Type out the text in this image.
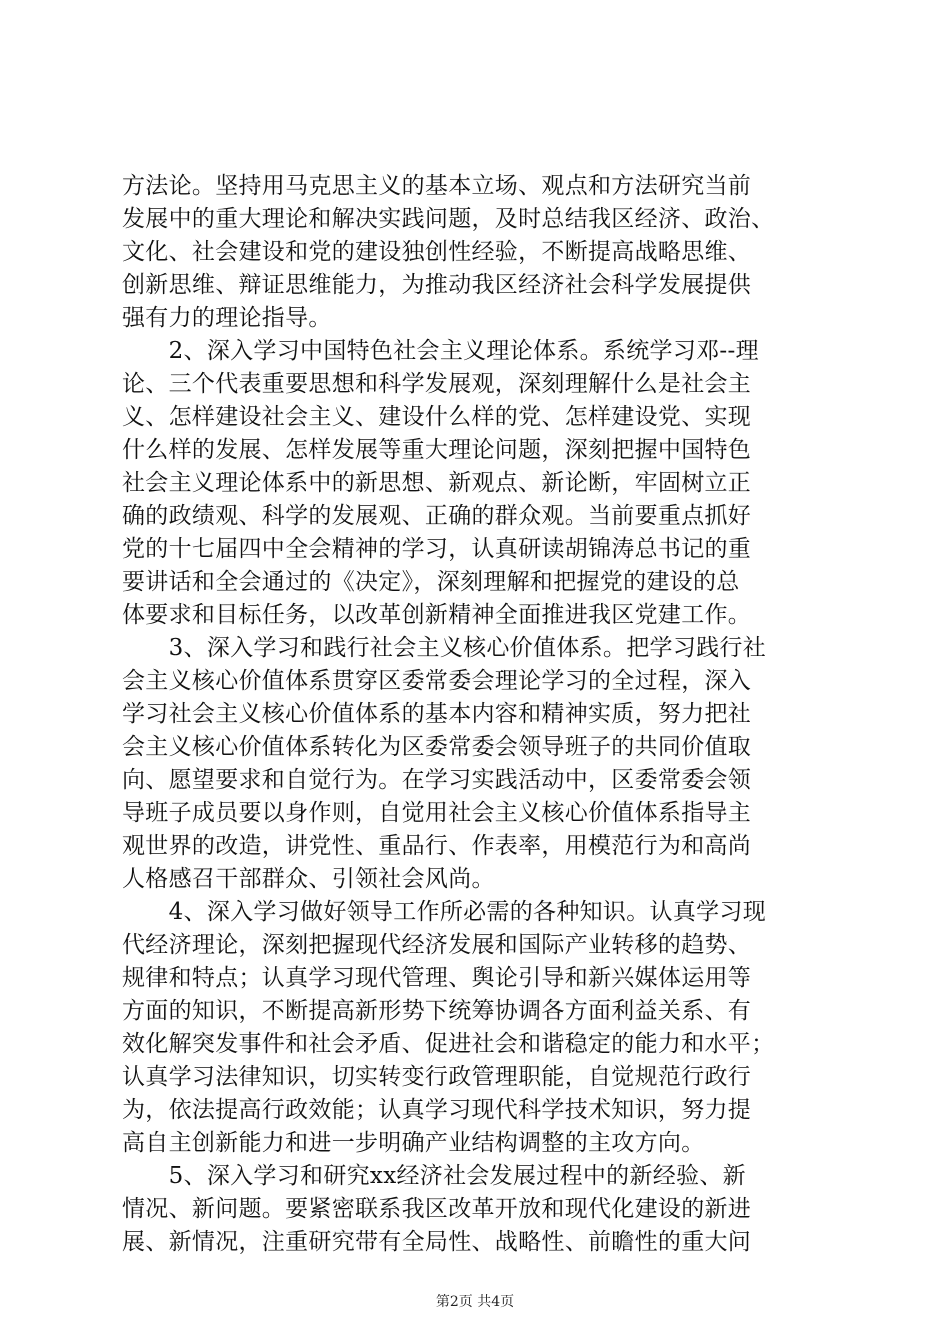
方法论。坚持用马克思主义的基本立场、观点和方法研究当前
发展中的重大理论和解决实践问题，及时总结我区经济、政治、
文化、社会建设和党的建设独创性经验，不断提高战略思维、
创新思维、辩证思维能力，为推动我区经济社会科学发展提供
强有力的理论指导。
　　2、深入学习中国特色社会主义理论体系。系统学习邓--理
论、三个代表重要思想和科学发展观，深刻理解什么是社会主
义、怎样建设社会主义、建设什么样的党、怎样建设党、实现
什么样的发展、怎样发展等重大理论问题，深刻把握中国特色
社会主义理论体系中的新思想、新观点、新论断，牢固树立正
确的政绩观、科学的发展观、正确的群众观。当前要重点抓好
党的十七届四中全会精神的学习，认真研读胡锦涛总书记的重
要讲话和全会通过的《决定》，深刻理解和把握党的建设的总
体要求和目标任务，以改革创新精神全面推进我区党建工作。
　　3、深入学习和践行社会主义核心价值体系。把学习践行社
会主义核心价值体系贯穿区委常委会理论学习的全过程，深入
学习社会主义核心价值体系的基本内容和精神实质，努力把社
会主义核心价值体系转化为区委常委会领导班子的共同价值取
向、愿望要求和自觉行为。在学习实践活动中，区委常委会领
导班子成员要以身作则，自觉用社会主义核心价值体系指导主
观世界的改造，讲党性、重品行、作表率，用模范行为和高尚
人格感召干部群众、引领社会风尚。
　　4、深入学习做好领导工作所必需的各种知识。认真学习现
代经济理论，深刻把握现代经济发展和国际产业转移的趋势、
规律和特点；认真学习现代管理、舆论引导和新兴媒体运用等
方面的知识，不断提高新形势下统筹协调各方面利益关系、有
效化解突发事件和社会矛盾、促进社会和谐稳定的能力和水平；
认真学习法律知识，切实转变行政管理职能，自觉规范行政行
为，依法提高行政效能；认真学习现代科学技术知识，努力提
高自主创新能力和进一步明确产业结构调整的主攻方向。
　　5、深入学习和研究xx经济社会发展过程中的新经验、新
情况、新问题。要紧密联系我区改革开放和现代化建设的新进
展、新情况，注重研究带有全局性、战略性、前瞻性的重大问
第2页 共4页
